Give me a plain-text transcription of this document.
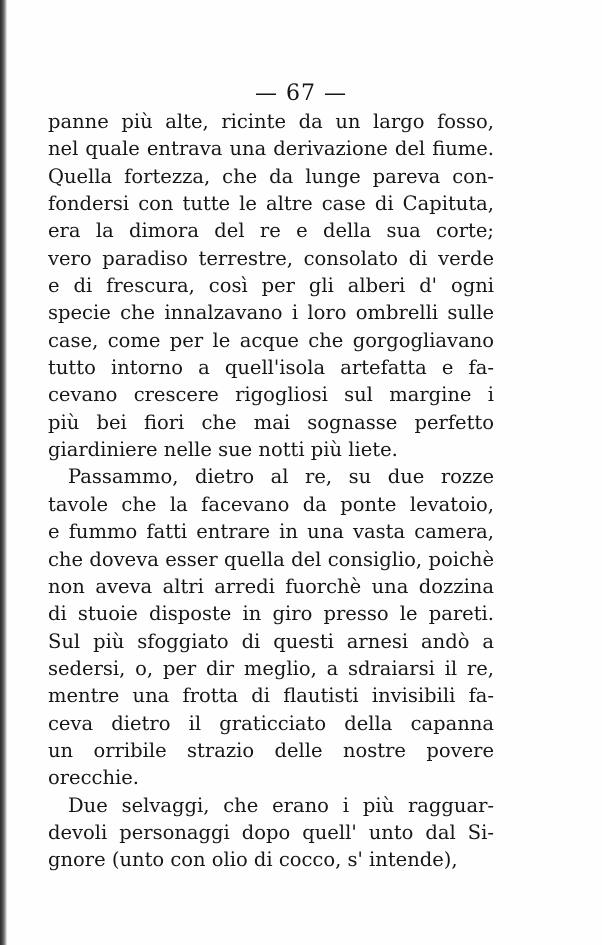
— 67 —
panne più alte, ricinte da un largo fosso,
nel quale entrava una derivazione del fiume.
Quella fortezza, che da lunge pareva con-
fondersi con tutte le altre case di Capituta,
era la dimora del re e della sua corte;
vero paradiso terrestre, consolato di verde
e di frescura, così per gli alberi d' ogni
specie che innalzavano i loro ombrelli sulle
case, come per le acque che gorgogliavano
tutto intorno a quell'isola artefatta e fa-
cevano crescere rigogliosi sul margine i
più bei fiori che mai sognasse perfetto
giardiniere nelle sue notti più liete.
Passammo, dietro al re, su due rozze
tavole che la facevano da ponte levatoio,
e fummo fatti entrare in una vasta camera,
che doveva esser quella del consiglio, poichè
non aveva altri arredi fuorchè una dozzina
di stuoie disposte in giro presso le pareti.
Sul più sfoggiato di questi arnesi andò a
sedersi, o, per dir meglio, a sdraiarsi il re,
mentre una frotta di flautisti invisibili fa-
ceva dietro il graticciato della capanna
un orribile strazio delle nostre povere
orecchie.
Due selvaggi, che erano i più ragguar-
devoli personaggi dopo quell' unto dal Si-
gnore (unto con olio di cocco, s' intende),
